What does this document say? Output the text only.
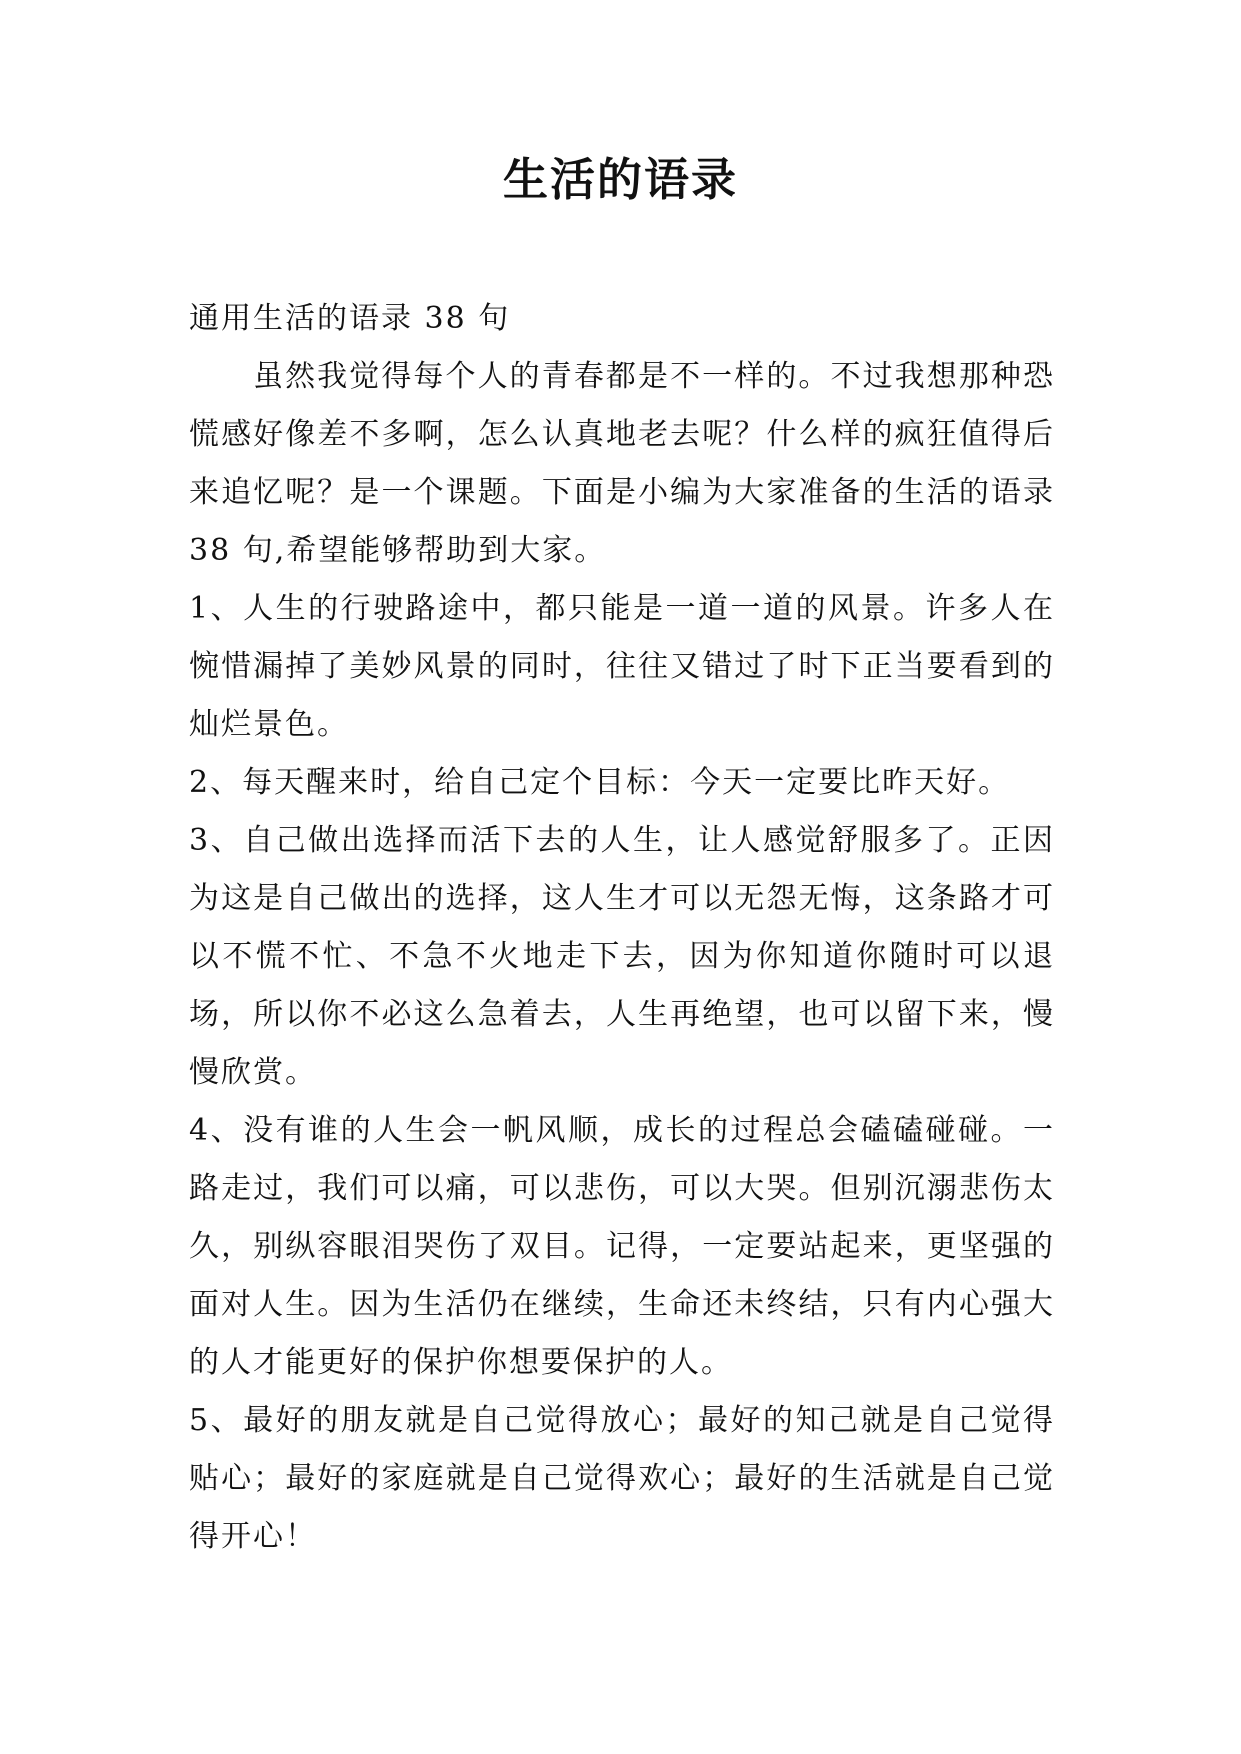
生活的语录

通用生活的语录 38 句

虽然我觉得每个人的青春都是不一样的。不过我想那种恐慌感好像差不多啊，怎么认真地老去呢？什么样的疯狂值得后来追忆呢？是一个课题。下面是小编为大家准备的生活的语录 38 句,希望能够帮助到大家。

1、人生的行驶路途中，都只能是一道一道的风景。许多人在惋惜漏掉了美妙风景的同时，往往又错过了时下正当要看到的灿烂景色。

2、每天醒来时，给自己定个目标：今天一定要比昨天好。

3、自己做出选择而活下去的人生，让人感觉舒服多了。正因为这是自己做出的选择，这人生才可以无怨无悔，这条路才可以不慌不忙、不急不火地走下去，因为你知道你随时可以退场，所以你不必这么急着去，人生再绝望，也可以留下来，慢慢欣赏。

4、没有谁的人生会一帆风顺，成长的过程总会磕磕碰碰。一路走过，我们可以痛，可以悲伤，可以大哭。但别沉溺悲伤太久，别纵容眼泪哭伤了双目。记得，一定要站起来，更坚强的面对人生。因为生活仍在继续，生命还未终结，只有内心强大的人才能更好的保护你想要保护的人。

5、最好的朋友就是自己觉得放心；最好的知己就是自己觉得贴心；最好的家庭就是自己觉得欢心；最好的生活就是自己觉得开心！
